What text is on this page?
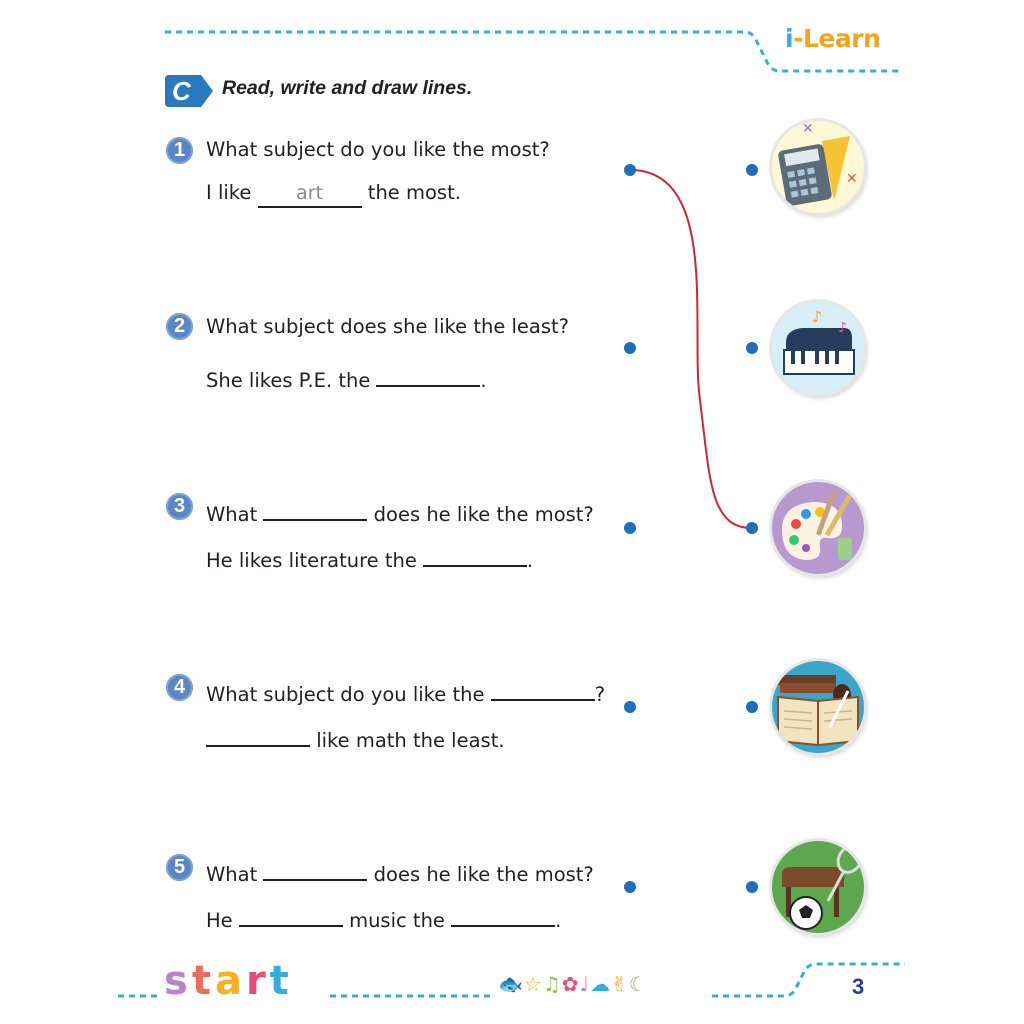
i-Learn
C Read, write and draw lines.
1	What subject do you like the most?
I like art the most.
2	What subject does she like the least?
She likes P.E. the	.
3	What	does he like the most?
He likes literature the	.
4	What subject do you like the	?
like math the least.
5	What	does he like the most?
He	music the	.
✕
✕
♪
♪
start	🐟☆♫✿♩☁✌☾	3
